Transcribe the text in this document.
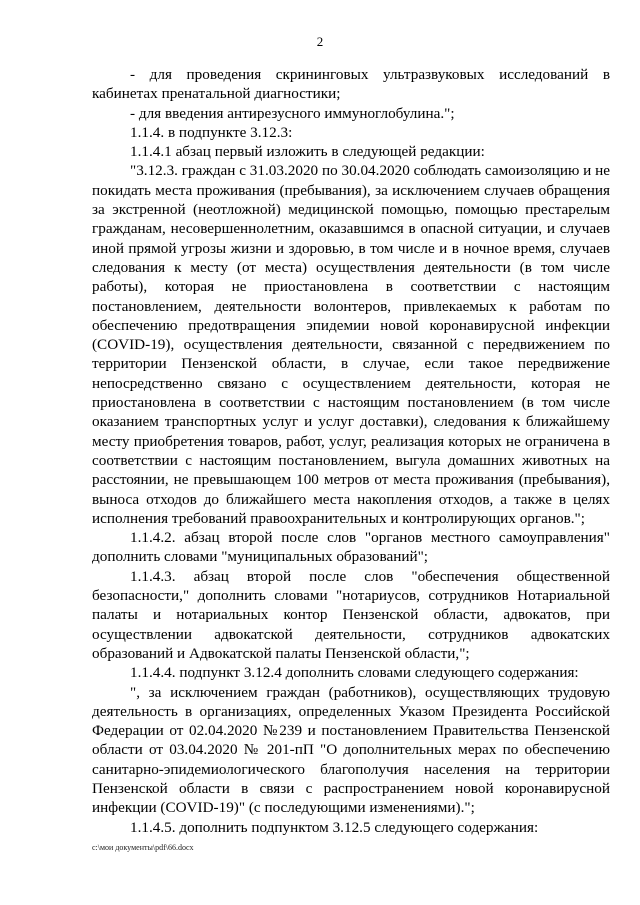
2

- для проведения скрининговых ультразвуковых исследований в кабинетах пренатальной диагностики;

- для введения антирезусного иммуноглобулина.";

1.1.4. в подпункте 3.12.3:

1.1.4.1 абзац первый изложить в следующей редакции:

"3.12.3. граждан с 31.03.2020 по 30.04.2020 соблюдать самоизоляцию и не покидать места проживания (пребывания), за исключением случаев обращения за экстренной (неотложной) медицинской помощью, помощью престарелым гражданам, несовершеннолетним, оказавшимся в опасной ситуации, и случаев иной прямой угрозы жизни и здоровью, в том числе и в ночное время, случаев следования к месту (от места) осуществления деятельности (в том числе работы), которая не приостановлена в соответствии с настоящим постановлением, деятельности волонтеров, привлекаемых к работам по обеспечению предотвращения эпидемии новой коронавирусной инфекции (COVID-19), осуществления деятельности, связанной с передвижением по территории Пензенской области, в случае, если такое передвижение непосредственно связано с осуществлением деятельности, которая не приостановлена в соответствии с настоящим постановлением (в том числе оказанием транспортных услуг и услуг доставки), следования к ближайшему месту приобретения товаров, работ, услуг, реализация которых не ограничена в соответствии с настоящим постановлением, выгула домашних животных на расстоянии, не превышающем 100 метров от места проживания (пребывания), выноса отходов до ближайшего места накопления отходов, а также в целях исполнения требований правоохранительных и контролирующих органов.";

1.1.4.2. абзац второй после слов "органов местного самоуправления" дополнить словами "муниципальных образований";

1.1.4.3. абзац второй после слов "обеспечения общественной безопасности," дополнить словами "нотариусов, сотрудников Нотариальной палаты и нотариальных контор Пензенской области, адвокатов, при осуществлении адвокатской деятельности, сотрудников адвокатских образований и Адвокатской палаты Пензенской области,";

1.1.4.4. подпункт 3.12.4 дополнить словами следующего содержания:

", за исключением граждан (работников), осуществляющих трудовую деятельность в организациях, определенных Указом Президента Российской Федерации от 02.04.2020 №239 и постановлением Правительства Пензенской области от 03.04.2020 № 201-пП "О дополнительных мерах по обеспечению санитарно-эпидемиологического благополучия населения на территории Пензенской области в связи с распространением новой коронавирусной инфекции (COVID-19)" (с последующими изменениями).";

1.1.4.5. дополнить подпунктом 3.12.5 следующего содержания:

c:\мои документы\pdf\66.docx
